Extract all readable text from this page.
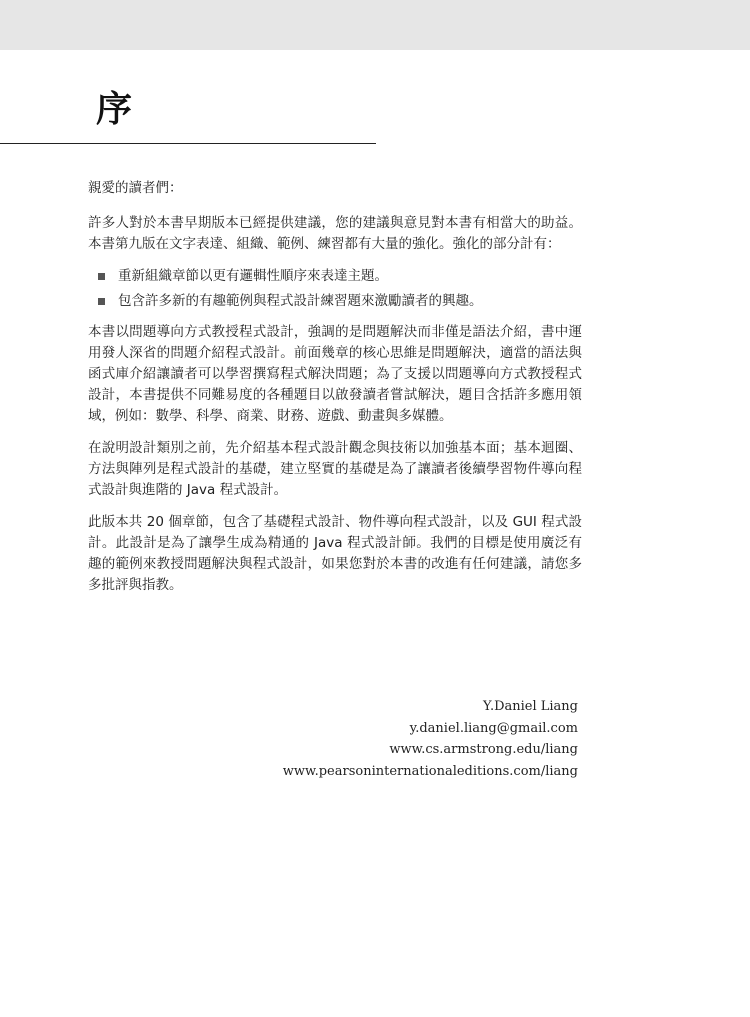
序

親愛的讀者們：

許多人對於本書早期版本已經提供建議，您的建議與意見對本書有相當大的助益。本書第九版在文字表達、組織、範例、練習都有大量的強化。強化的部分計有：

重新組織章節以更有邏輯性順序來表達主題。
包含許多新的有趣範例與程式設計練習題來激勵讀者的興趣。

本書以問題導向方式教授程式設計，強調的是問題解決而非僅是語法介紹，書中運用發人深省的問題介紹程式設計。前面幾章的核心思維是問題解決，適當的語法與函式庫介紹讓讀者可以學習撰寫程式解決問題；為了支援以問題導向方式教授程式設計，本書提供不同難易度的各種題目以啟發讀者嘗試解決，題目含括許多應用領域，例如：數學、科學、商業、財務、遊戲、動畫與多媒體。

在說明設計類別之前，先介紹基本程式設計觀念與技術以加強基本面；基本迴圈、方法與陣列是程式設計的基礎，建立堅實的基礎是為了讓讀者後續學習物件導向程式設計與進階的 Java 程式設計。

此版本共 20 個章節，包含了基礎程式設計、物件導向程式設計，以及 GUI 程式設計。此設計是為了讓學生成為精通的 Java 程式設計師。我們的目標是使用廣泛有趣的範例來教授問題解決與程式設計，如果您對於本書的改進有任何建議，請您多多批評與指教。

Y.Daniel Liang
y.daniel.liang@gmail.com
www.cs.armstrong.edu/liang
www.pearsoninternationaleditions.com/liang
